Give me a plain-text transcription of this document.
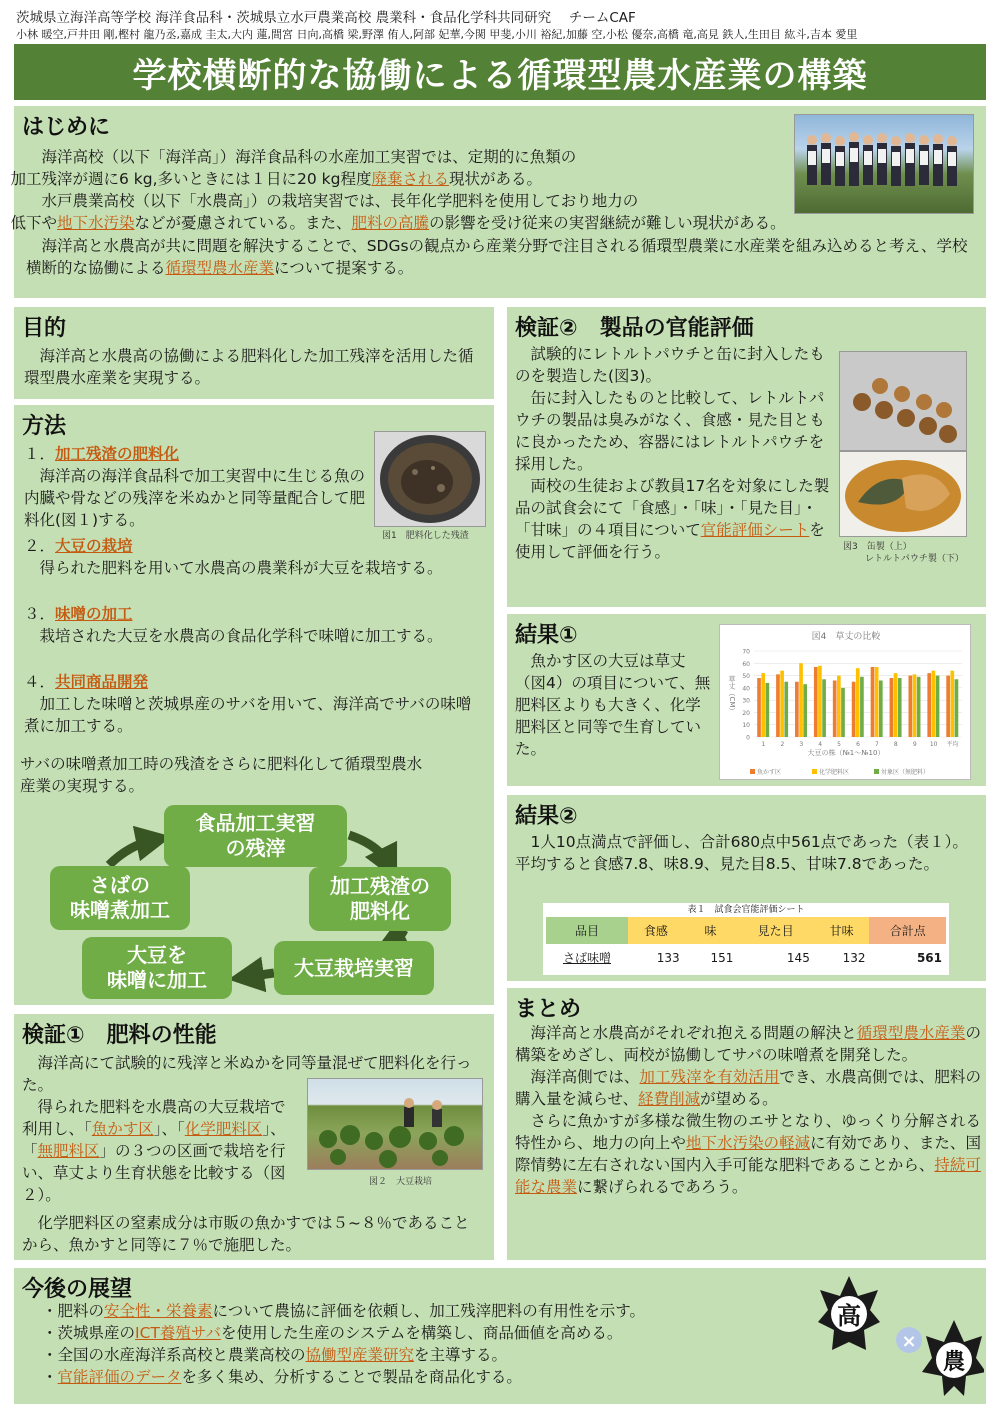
茨城県立海洋高等学校 海洋食品科・茨城県立水戸農業高校 農業科・食品化学科共同研究　 チームCAF
小林 暖空,戸井田 剛,樫村 龍乃丞,嘉成 圭太,大内 蓮,間宮 日向,高橋 梁,野澤 侑人,阿部 妃華,今関 甲斐,小川 裕紀,加藤 空,小松 優奈,高橋 竜,高見 鉄人,生田目 紘斗,吉本 愛里
学校横断的な協働による循環型農水産業の構築
はじめに
海洋高校（以下「海洋高」）海洋食品科の水産加工実習では、定期的に魚類の
加工残滓が週に6 kg,多いときには１日に20 kg程度廃棄される現状がある。
水戸農業高校（以下「水農高」）の栽培実習では、長年化学肥料を使用しており地力の
低下や地下水汚染などが憂慮されている。また、肥料の高騰の影響を受け従来の実習継続が難しい現状がある。
海洋高と水農高が共に問題を解決することで、SDGsの観点から産業分野で注目される循環型農業に水産業を組み込めると考え、学校横断的な協働による循環型農水産業について提案する。
目的
海洋高と水農高の協働による肥料化した加工残滓を活用した循環型農水産業を実現する。
方法
図1　肥料化した残渣
１．加工残渣の肥料化
海洋高の海洋食品科で加工実習中に生じる魚の内臓や骨などの残滓を米ぬかと同等量配合して肥料化(図１)する。
２．大豆の栽培
得られた肥料を用いて水農高の農業科が大豆を栽培する。
３．味噌の加工
栽培された大豆を水農高の食品化学科で味噌に加工する。
４．共同商品開発
加工した味噌と茨城県産のサバを用いて、海洋高でサバの味噌煮に加工する。
サバの味噌煮加工時の残渣をさらに肥料化して循環型農水産業の実現する。
食品加工実習
の残滓
加工残渣の
肥料化
大豆栽培実習
大豆を
味噌に加工
さばの
味噌煮加工
検証①　肥料の性能
海洋高にて試験的に残滓と米ぬかを同等量混ぜて肥料化を行った。
得られた肥料を水農高の大豆栽培で利用し、「魚かす区」、「化学肥料区」、「無肥料区」の３つの区画で栽培を行い、草丈より生育状態を比較する（図２）。
化学肥料区の窒素成分は市販の魚かすでは５~８％であることから、魚かすと同等に７％で施肥した。
図２　大豆栽培
検証②　製品の官能評価
試験的にレトルトパウチと缶に封入したものを製造した(図3)。
缶に封入したものと比較して、レトルトパウチの製品は臭みがなく、食感・見た目ともに良かったため、容器にはレトルトパウチを採用した。
両校の生徒および教員17名を対象にした製品の試食会にて「食感」・「味」・「見た目」・「甘味」の４項目について官能評価シートを使用して評価を行う。	図3　缶製（上）
レトルトパウチ製（下）
結果①
魚かす区の大豆は草丈（図4）の項目について、無肥料区よりも大きく、化学肥料区と同等で生育していた。
図4　草丈の比較
0
10
20
30
40
50
60
70
1	2	3	4	5	6	7	8	9 10 平均
大豆の株（№1〜№10）
草丈（CM）
魚かす区	化学肥料区	対象区（無肥料）
結果②
1人10点満点で評価し、合計680点中561点であった（表１）。平均すると食感7.8、味8.9、見た目8.5、甘味7.8であった。
表１　試食会官能評価シート
品目	食感	味	見た目	甘味	合計点
さば味噌	133	151	145	132	561
まとめ
海洋高と水農高がそれぞれ抱える問題の解決と循環型農水産業の構築をめざし、両校が協働してサバの味噌煮を開発した。
海洋高側では、加工残滓を有効活用でき、水農高側では、肥料の購入量を減らせ、経費削減が望める。
さらに魚かすが多様な微生物のエサとなり、ゆっくり分解される特性から、地力の向上や地下水汚染の軽減に有効であり、また、国際情勢に左右されない国内入手可能な肥料であることから、持続可能な農業に繋げられるであろう。
今後の展望
・肥料の安全性・栄養素について農協に評価を依頼し、加工残滓肥料の有用性を示す。
・茨城県産のICT養殖サバを使用した生産のシステムを構築し、商品価値を高める。
・全国の水産海洋系高校と農業高校の協働型産業研究を主導する。
・官能評価のデータを多く集め、分析することで製品を商品化する。
高
×
農
